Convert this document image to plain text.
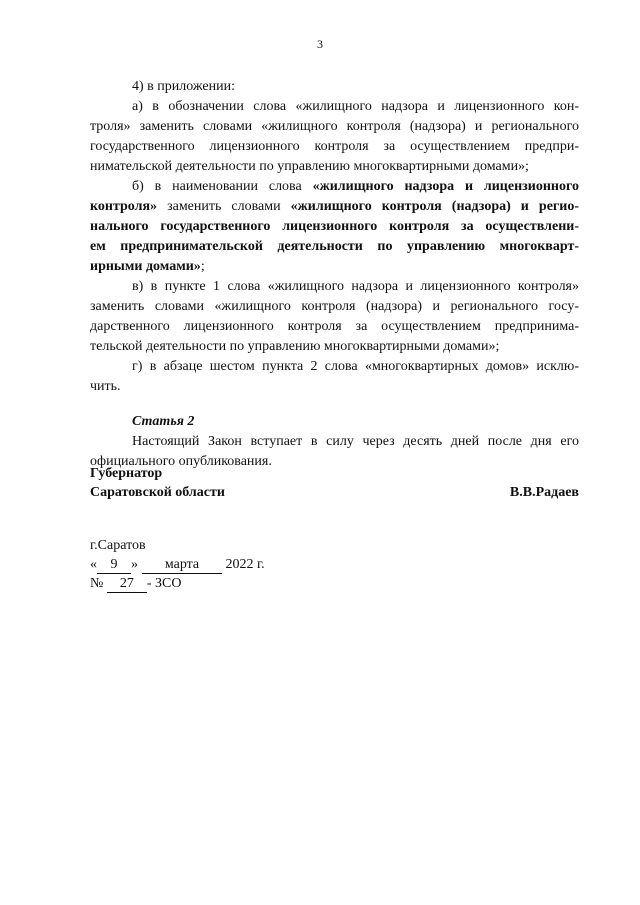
3
4) в приложении:
а) в обозначении слова «жилищного надзора и лицензионного кон-
троля» заменить словами «жилищного контроля (надзора) и регионального
государственного лицензионного контроля за осуществлением предпри-
нимательской деятельности по управлению многоквартирными домами»;
б) в наименовании слова «жилищного надзора и лицензионного
контроля» заменить словами «жилищного контроля (надзора) и регио-
нального государственного лицензионного контроля за осуществлени-
ем предпринимательской деятельности по управлению многокварт-
ирными домами»;
в) в пункте 1 слова «жилищного надзора и лицензионного контроля»
заменить словами «жилищного контроля (надзора) и регионального госу-
дарственного лицензионного контроля за осуществлением предпринима-
тельской деятельности по управлению многоквартирными домами»;
г) в абзаце шестом пункта 2 слова «многоквартирных домов» исклю-
чить.
Статья 2
Настоящий Закон вступает в силу через десять дней после дня его
официального опубликования.
Губернатор
Саратовской области	В.В.Радаев
г.Саратов
« 9 » марта 2022 г.
№ 27 - ЗСО
